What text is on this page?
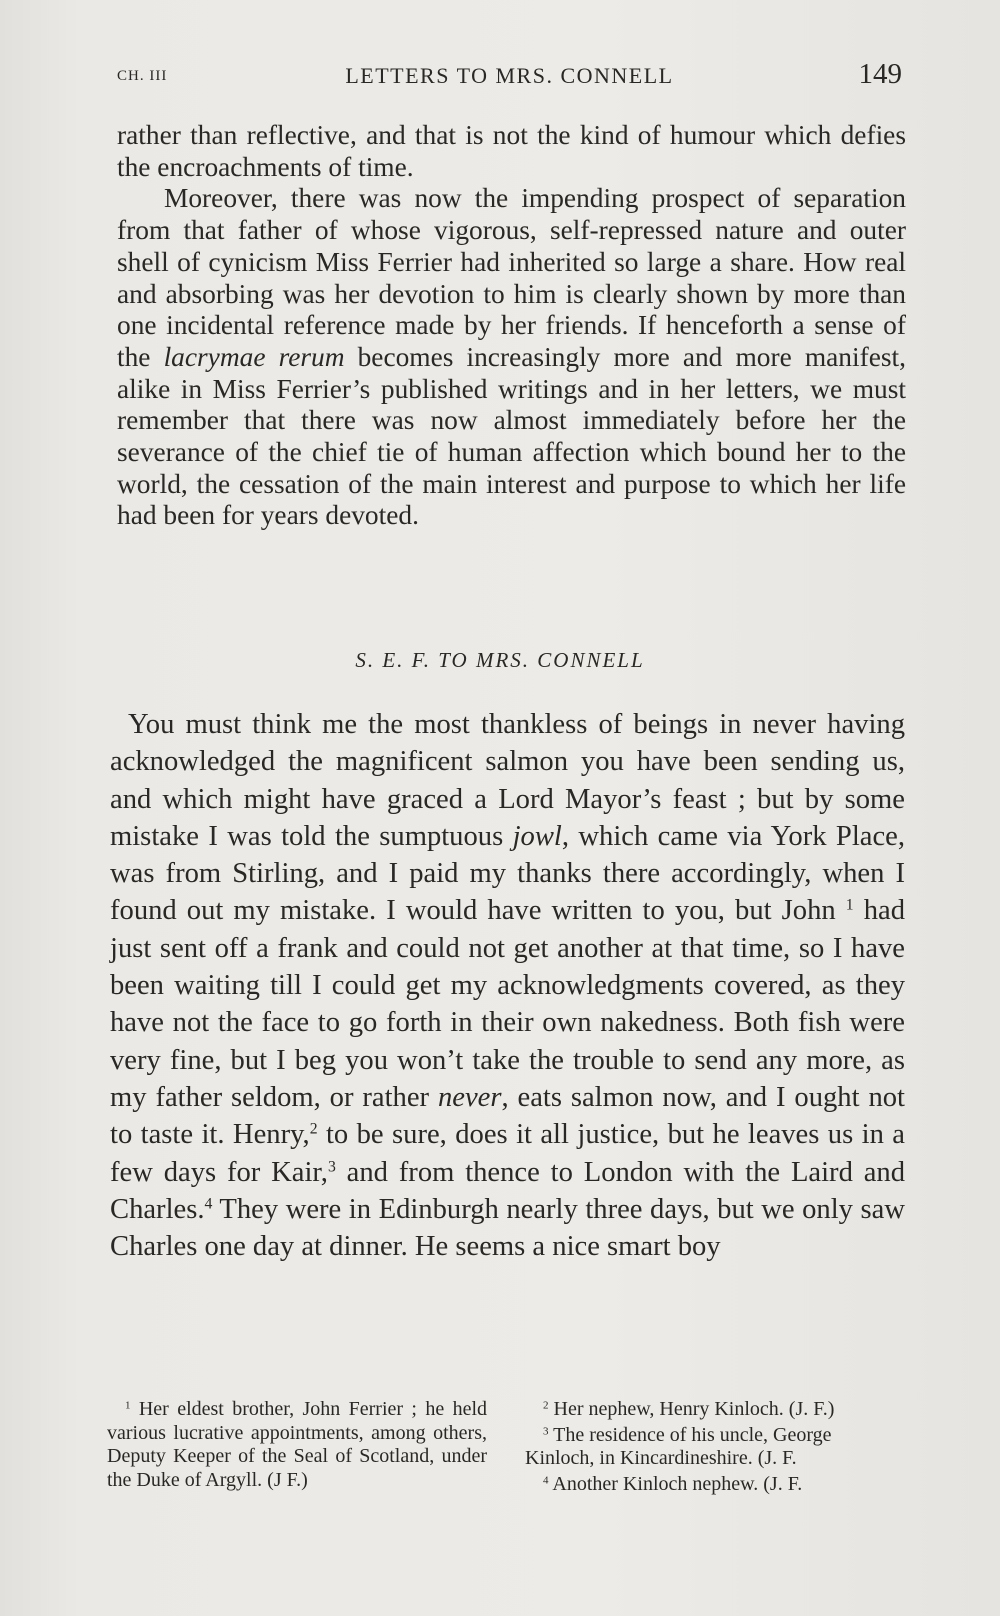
CH. III	LETTERS TO MRS. CONNELL	149

rather than reflective, and that is not the kind of humour which defies the encroachments of time.

Moreover, there was now the impending prospect of separation from that father of whose vigorous, self-repressed nature and outer shell of cynicism Miss Ferrier had inherited so large a share. How real and absorbing was her devotion to him is clearly shown by more than one incidental reference made by her friends. If henceforth a sense of the lacrymae rerum becomes increasingly more and more manifest, alike in Miss Ferrier’s published writings and in her letters, we must remember that there was now almost immediately before her the severance of the chief tie of human affection which bound her to the world, the cessation of the main interest and purpose to which her life had been for years devoted.

S. E. F. TO MRS. CONNELL

You must think me the most thankless of beings in never having acknowledged the magnificent salmon you have been sending us, and which might have graced a Lord Mayor’s feast ; but by some mistake I was told the sumptuous jowl, which came via York Place, was from Stirling, and I paid my thanks there accordingly, when I found out my mistake. I would have written to you, but John $^1$ had just sent off a frank and could not get another at that time, so I have been waiting till I could get my acknowledgments covered, as they have not the face to go forth in their own nakedness. Both fish were very fine, but I beg you won’t take the trouble to send any more, as my father seldom, or rather never, eats salmon now, and I ought not to taste it. Henry,$^2$ to be sure, does it all justice, but he leaves us in a few days for Kair,$^3$ and from thence to London with the Laird and Charles.$^4$ They were in Edinburgh nearly three days, but we only saw Charles one day at dinner. He seems a nice smart boy

$^1$ Her eldest brother, John Ferrier ; he held various lucrative appointments, among others, Deputy Keeper of the Seal of Scotland, under the Duke of Argyll. (J F.)

$^2$ Her nephew, Henry Kinloch. (J. F.)

$^3$ The residence of his uncle, George Kinloch, in Kincardineshire. (J. F.

$^4$ Another Kinloch nephew. (J. F.
